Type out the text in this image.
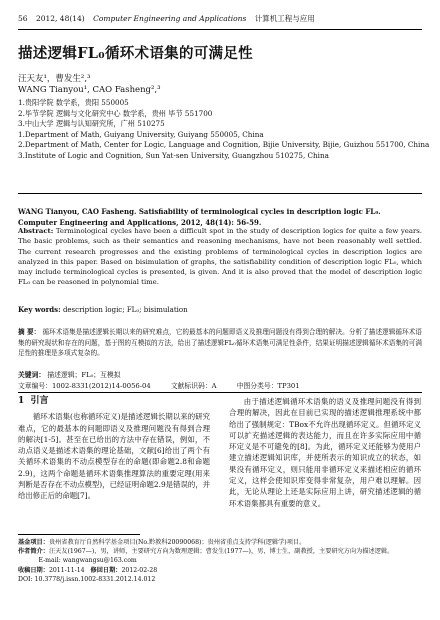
56 2012, 48(14) Computer Engineering and Applications 计算机工程与应用
描述逻辑FL₀循环术语集的可满足性
汪天友¹，曹发生²,³
WANG Tianyou¹, CAO Fasheng²,³
1.贵阳学院 数学系，贵阳 550005
2.毕节学院 逻辑与文化研究中心 数学系，贵州 毕节 551700
3.中山大学 逻辑与认知研究所，广州 510275
1.Department of Math, Guiyang University, Guiyang 550005, China
2.Department of Math, Center for Logic, Language and Cognition, Bijie University, Bijie, Guizhou 551700, China
3.Institute of Logic and Cognition, Sun Yat-sen University, Guangzhou 510275, China
WANG Tianyou, CAO Fasheng. Satisfiability of terminological cycles in description logic FL₀. Computer Engineering and Applications, 2012, 48(14): 56-59.
Abstract: Terminological cycles have been a difficult spot in the study of description logics for quite a few years. The basic problems, such as their semantics and reasoning mechanisms, have not been reasonably well settled. The current research progresses and the existing problems of terminological cycles in description logics are analyzed in this paper. Based on bisimulation of graphs, the satisfiability condition of description logic FL₀, which may include terminological cycles is presented, is given. And it is also proved that the model of description logic FL₀ can be reasoned in polynomial time.
Key words: description logic; FL₀; bisimulation
摘 要： 循环术语集是描述逻辑长期以来的研究难点，它的最基本的问题即语义及推理问题没有得到合理的解决。分析了描述逻辑循环术语集的研究现状和存在的问题，基于图的互模拟的方法，给出了描述逻辑FL₀循环术语集可满足性条件，结果证明描述逻辑循环术语集的可满足性的推理是多项式复杂的。
关键词： 描述逻辑；FL₀；互模拟
文章编号：1002-8331(2012)14-0056-04	文献标识码：A	中图分类号：TP301
1 引言

循环术语集(也称循环定义)是描述逻辑长期以来的研究难点，它的最基本的问题即语义及推理问题没有得到合理的解决[1-5]。甚至在已给出的方法中存在错误，例如，不动点语义是描述术语集的理论基础，文献[6]给出了两个有关循环术语集的不动点模型存在的命题(即命题2.8和命题2.9)，这两个命题是循环术语集推理算法的重要定理(用来判断是否存在不动点模型)，已经证明命题2.9是错误的，并给出修正后的命题[7]。

由于描述逻辑循环术语集的语义及推理问题没有得到合理的解决，因此在目前已实现的描述逻辑推理系统中都给出了强制规定：TBox不允许出现循环定义。但循环定义可以扩充描述逻辑的表达能力，而且在许多实际应用中循环定义是不可避免的[8]。为此，循环定义还能够为使用户建立描述逻辑知识库，并使所表示的知识成立的状态，如果没有循环定义，则只能用非循环定义来描述相应的循环定义，这样会使知识库变得非常复杂，用户难以理解。因此，无论从理论上还是实际应用上讲，研究描述逻辑的循环术语集都具有重要的意义。

基金项目：贵州省教育厅自然科学基金项目(No.黔教科20090068)；贵州省重点支持学科(逻辑学)项目。
作者简介：汪天友(1967—)，男，讲师，主要研究方向为数理逻辑；曹发生(1977—)，男，博士生，副教授，主要研究方向为描述逻辑。
E-mail: wangwangsu@163.com
收稿日期：2011-11-14 修回日期：2012-02-28
DOI: 10.3778/j.issn.1002-8331.2012.14.012
